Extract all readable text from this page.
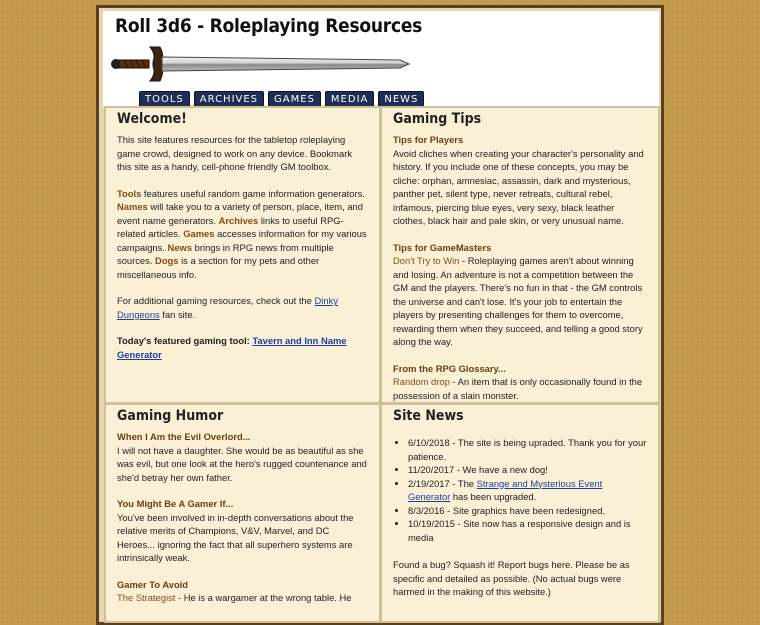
Roll 3d6 - Roleplaying Resources
TOOLS	ARCHIVES	GAMES	MEDIA	NEWS
Welcome!

This site features resources for the tabletop roleplaying game crowd, designed to work on any device. Bookmark this site as a handy, cell-phone friendly GM toolbox.

Tools features useful random game information generators. Names will take you to a variety of person, place, item, and event name generators. Archives links to useful RPG-related articles. Games accesses information for my various campaigns. News brings in RPG news from multiple sources. Dogs is a section for my pets and other miscellaneous info.

For additional gaming resources, check out the Dinky Dungeons fan site.

Today's featured gaming tool: Tavern and Inn Name Generator

Gaming Tips
Tips for Players

Avoid cliches when creating your character's personality and history. If you include one of these concepts, you may be cliche: orphan, amnesiac, assassin, dark and mysterious, panther pet, silent type, never retreats, cultural rebel, infamous, piercing blue eyes, very sexy, black leather clothes, black hair and pale skin, or very unusual name.

Tips for GameMasters

Don't Try to Win - Roleplaying games aren't about winning and losing. An adventure is not a competition between the GM and the players. There's no fun in that - the GM controls the universe and can't lose. It's your job to entertain the players by presenting challenges for them to overcome, rewarding them when they succeed, and telling a good story along the way.

From the RPG Glossary...

Random drop - An item that is only occasionally found in the possession of a slain monster.

Gaming Humor
When I Am the Evil Overlord...

I will not have a daughter. She would be as beautiful as she was evil, but one look at the hero's rugged countenance and she'd betray her own father.

You Might Be A Gamer If...

You've been involved in in-depth conversations about the relative merits of Champions, V&V, Marvel, and DC Heroes... ignoring the fact that all superhero systems are intrinsically weak.

Gamer To Avoid

The Strategist - He is a wargamer at the wrong table. He

Site News
• 6/10/2018 - The site is being upraded. Thank you for your patience.
• 11/20/2017 - We have a new dog!
• 2/19/2017 - The Strange and Mysterious Event Generator has been upgraded.
• 8/3/2016 - Site graphics have been redesigned.
• 10/19/2015 - Site now has a responsive design and is media

Found a bug? Squash it! Report bugs here. Please be as specific and detailed as possible. (No actual bugs were harmed in the making of this website.)
